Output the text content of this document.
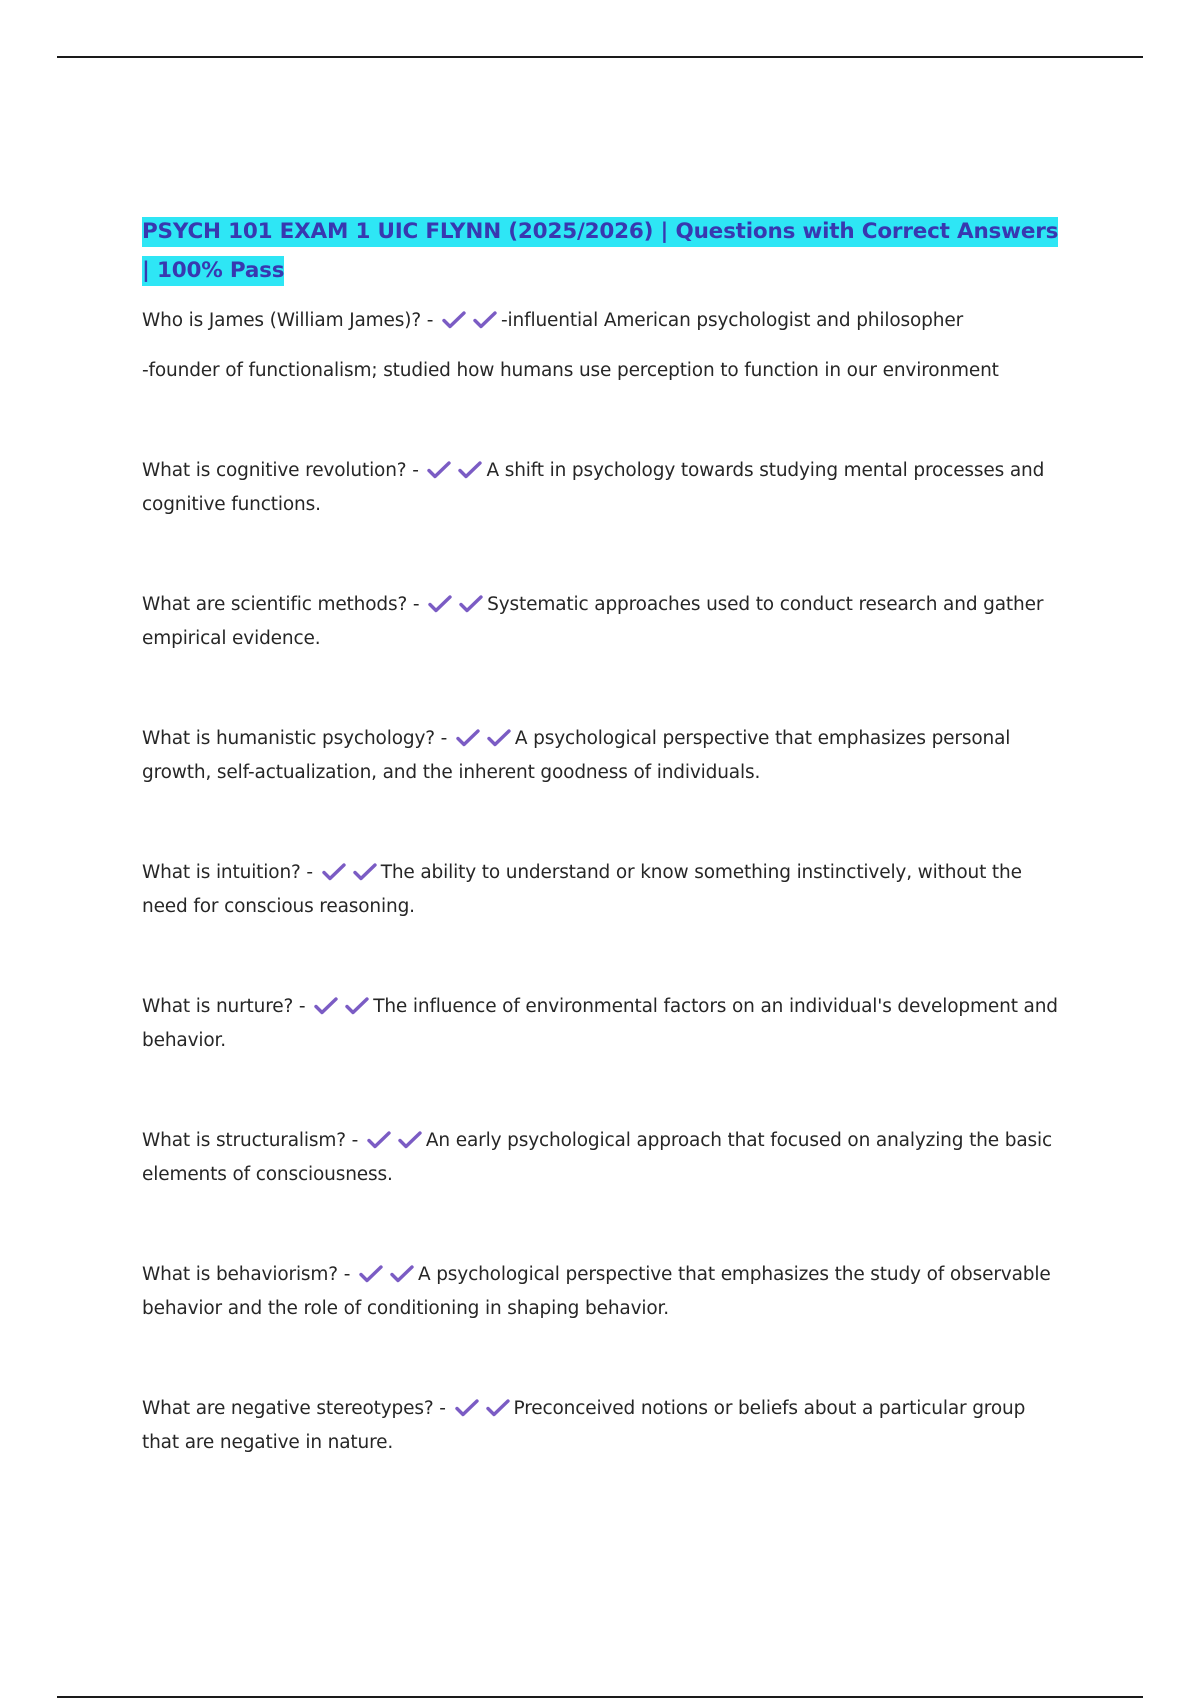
PSYCH 101 EXAM 1 UIC FLYNN (2025/2026) | Questions with Correct Answers | 100% Pass

Who is James (William James)? -	-influential American psychologist and philosopher

-founder of functionalism; studied how humans use perception to function in our environment

What is cognitive revolution? -	A shift in psychology towards studying mental processes and cognitive functions.

What are scientific methods? -	Systematic approaches used to conduct research and gather empirical evidence.

What is humanistic psychology? -	A psychological perspective that emphasizes personal growth, self-actualization, and the inherent goodness of individuals.

What is intuition? -	The ability to understand or know something instinctively, without the need for conscious reasoning.

What is nurture? -	The influence of environmental factors on an individual's development and behavior.

What is structuralism? -	An early psychological approach that focused on analyzing the basic elements of consciousness.

What is behaviorism? -	A psychological perspective that emphasizes the study of observable behavior and the role of conditioning in shaping behavior.

What are negative stereotypes? -	Preconceived notions or beliefs about a particular group that are negative in nature.
